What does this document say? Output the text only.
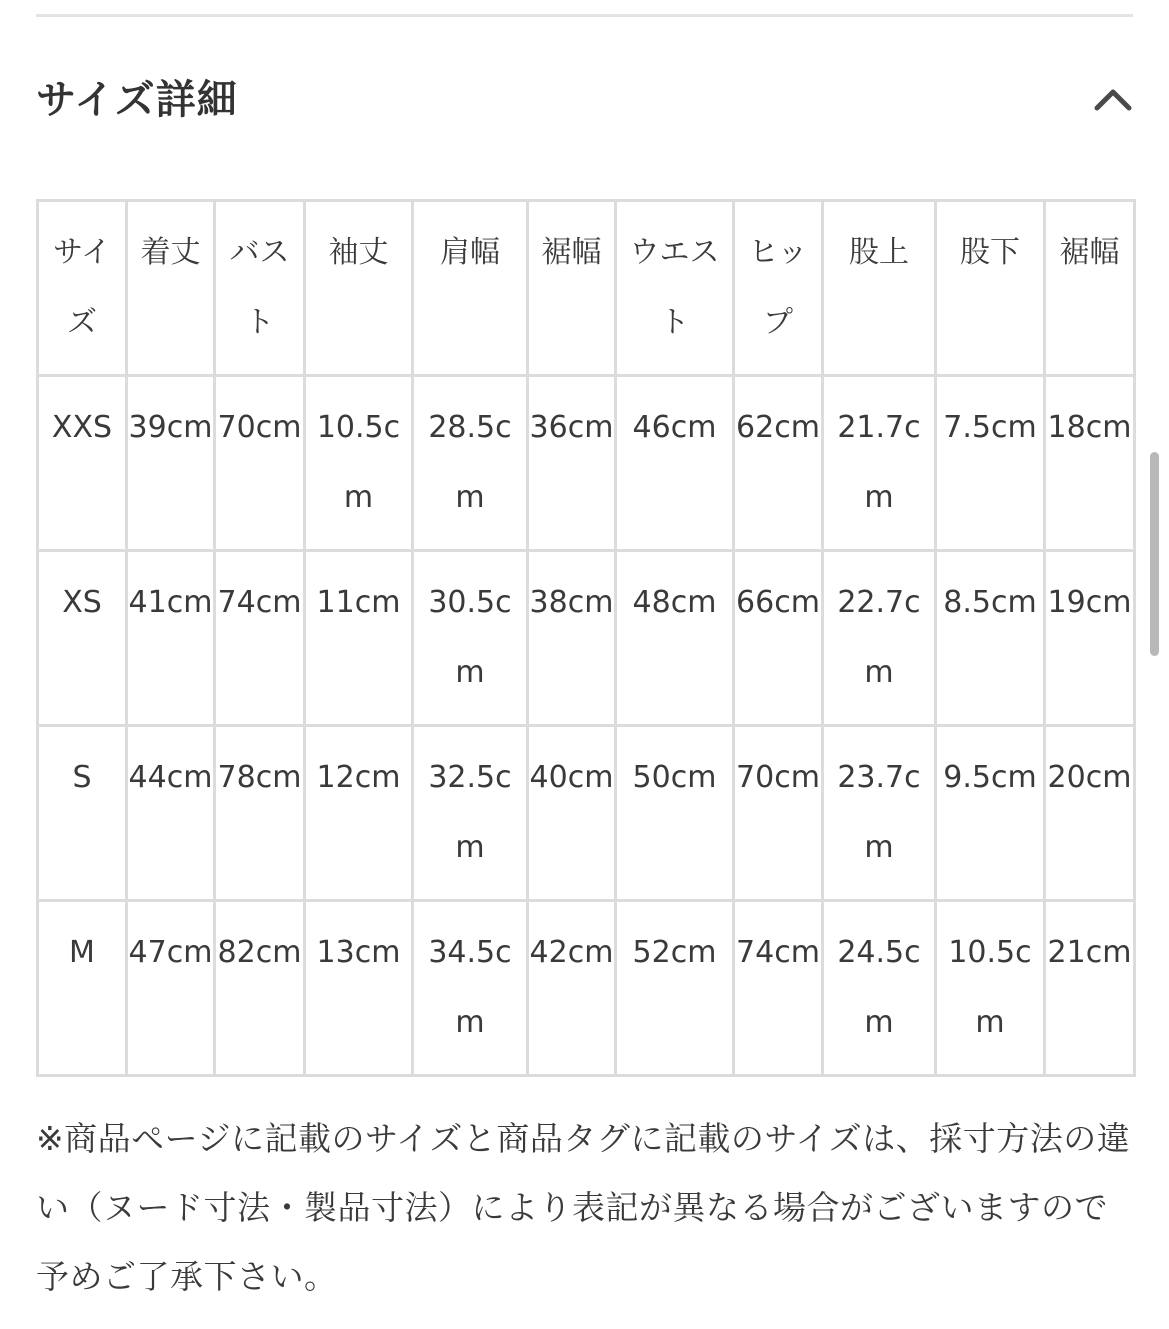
サイズ詳細
サイズ	着丈	バスト	袖丈	肩幅	裾幅	ウエスト	ヒップ	股上	股下	裾幅
XXS	39cm	70cm	10.5cm	28.5cm	36cm	46cm	62cm	21.7cm	7.5cm	18cm
XS	41cm	74cm	11cm	30.5cm	38cm	48cm	66cm	22.7cm	8.5cm	19cm
S	44cm	78cm	12cm	32.5cm	40cm	50cm	70cm	23.7cm	9.5cm	20cm
M	47cm	82cm	13cm	34.5cm	42cm	52cm	74cm	24.5cm	10.5cm	21cm
※商品ページに記載のサイズと商品タグに記載のサイズは、採寸方法の違い（ヌード寸法・製品寸法）により表記が異なる場合がございますので予めご了承下さい。
